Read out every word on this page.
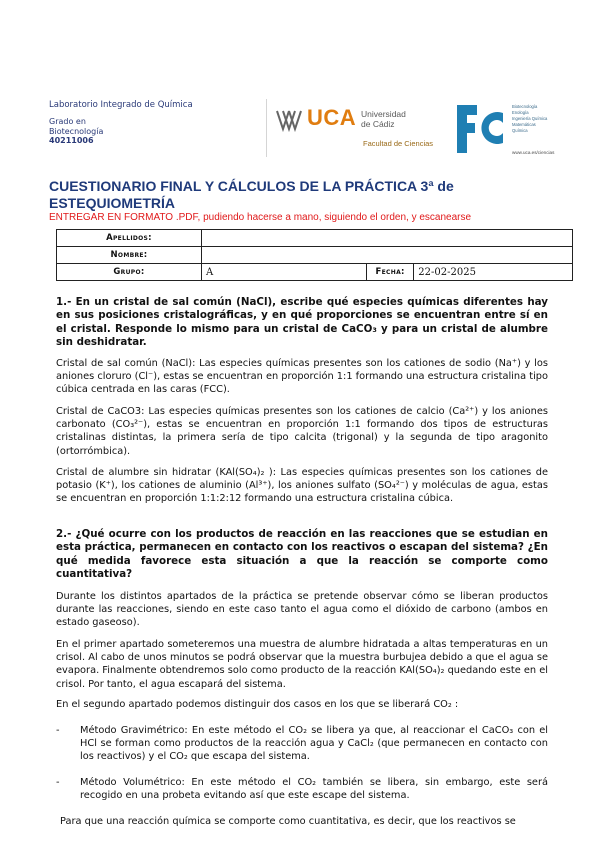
Laboratorio Integrado de Química
Grado en
Biotecnología
40211006
UCA Universidad
de Cádiz
Facultad de Ciencias
Biotecnología
Enología
Ingeniería Química
Matemáticas
Química
www.uca.es/ciencias
CUESTIONARIO FINAL Y CÁLCULOS DE LA PRÁCTICA 3ª de ESTEQUIOMETRÍA
ENTREGAR EN FORMATO .PDF, pudiendo hacerse a mano, siguiendo el orden, y escanearse
Apellidos:			
Nombre:			
Grupo:	A	Fecha:	22-02-2025
1.- En un cristal de sal común (NaCl), escribe qué especies químicas diferentes hay en sus posiciones cristalográficas, y en qué proporciones se encuentran entre sí en el cristal. Responde lo mismo para un cristal de CaCO₃ y para un cristal de alumbre sin deshidratar.
Cristal de sal común (NaCl): Las especies químicas presentes son los cationes de sodio (Na⁺) y los aniones cloruro (Cl⁻), estas se encuentran en proporción 1:1 formando una estructura cristalina tipo cúbica centrada en las caras (FCC).
Cristal de CaCO3: Las especies químicas presentes son los cationes de calcio (Ca²⁺) y los aniones carbonato (CO₃²⁻), estas se encuentran en proporción 1:1 formando dos tipos de estructuras cristalinas distintas, la primera sería de tipo calcita (trigonal) y la segunda de tipo aragonito (ortorrómbica).
Cristal de alumbre sin hidratar (KAl(SO₄)₂ ): Las especies químicas presentes son los cationes de potasio (K⁺), los cationes de aluminio (Al³⁺), los aniones sulfato (SO₄²⁻) y moléculas de agua, estas se encuentran en proporción 1:1:2:12 formando una estructura cristalina cúbica.
2.- ¿Qué ocurre con los productos de reacción en las reacciones que se estudian en esta práctica, permanecen en contacto con los reactivos o escapan del sistema? ¿En qué medida favorece esta situación a que la reacción se comporte como cuantitativa?
Durante los distintos apartados de la práctica se pretende observar cómo se liberan productos durante las reacciones, siendo en este caso tanto el agua como el dióxido de carbono (ambos en estado gaseoso).
En el primer apartado someteremos una muestra de alumbre hidratada a altas temperaturas en un crisol. Al cabo de unos minutos se podrá observar que la muestra burbujea debido a que el agua se evapora. Finalmente obtendremos solo como producto de la reacción KAl(SO₄)₂ quedando este en el crisol. Por tanto, el agua escapará del sistema.
En el segundo apartado podemos distinguir dos casos en los que se liberará CO₂ :
- Método Gravimétrico: En este método el CO₂ se libera ya que, al reaccionar el CaCO₃ con el HCl se forman como productos de la reacción agua y CaCl₂ (que permanecen en contacto con los reactivos) y el CO₂ que escapa del sistema.
- Método Volumétrico: En este método el CO₂ también se libera, sin embargo, este será recogido en una probeta evitando así que este escape del sistema.
Para que una reacción química se comporte como cuantitativa, es decir, que los reactivos se
